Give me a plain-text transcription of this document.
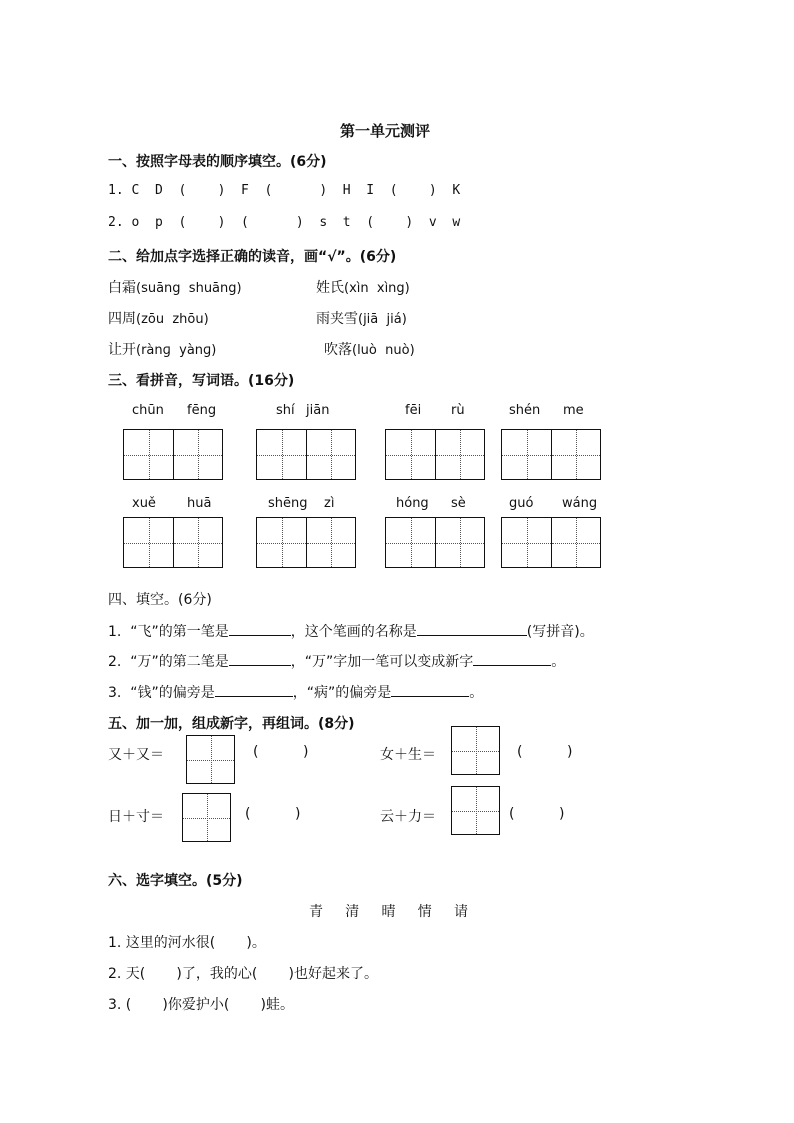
第一单元测评
一、按照字母表的顺序填空。(6分)
1. C  D  (    )  F  (      )  H  I  (    )  K
2. o  p  (    )  (      )  s  t  (    )  v  w
二、给加点字选择正确的读音，画“√”。(6分)
白霜(suāng  shuāng)	姓氏(xìn  xìng)
四周(zōu  zhōu)	雨夹雪(jiā  jiá)
让开(rànɡ  yànɡ)	吹落(luò  nuò)
三、看拼音，写词语。(16分)
chūn fēng	shí jiān	fēi rù	shén me
xuě huā	shēng zì	hóng sè	guó wáng
四、填空。(6分)
1.  “飞”的第一笔是	，这个笔画的名称是	(写拼音)。
2.  “万”的第二笔是	，“万”字加一笔可以变成新字	。
3.  “钱”的偏旁是	，“病”的偏旁是	。
五、加一加，组成新字，再组词。(8分)
又＋又＝	(          )	女＋生＝	(          )
日＋寸＝	(          )	云＋力＝	(          )
六、选字填空。(5分)
青     清     晴     情     请
1. 这里的河水很(       )。
2. 天(       )了，我的心(       )也好起来了。
3. (       )你爱护小(       )蛙。
